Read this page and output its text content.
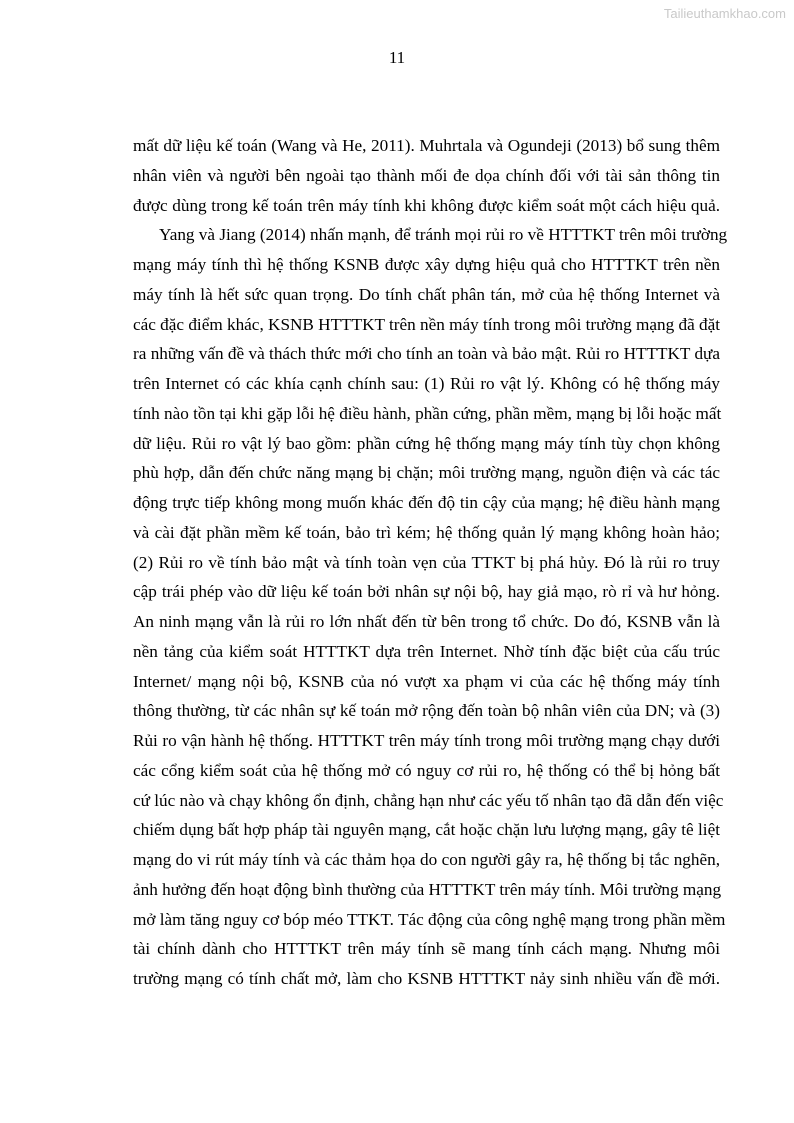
Tailieuthamkhao.com
11
mất dữ liệu kế toán (Wang và He, 2011). Muhrtala và Ogundeji (2013) bổ sung thêm
nhân viên và người bên ngoài tạo thành mối đe dọa chính đối với tài sản thông tin
được dùng trong kế toán trên máy tính khi không được kiểm soát một cách hiệu quả.
Yang và Jiang (2014) nhấn mạnh, để tránh mọi rủi ro về HTTTKT trên môi trường
mạng máy tính thì hệ thống KSNB được xây dựng hiệu quả cho HTTTKT trên nền
máy tính là hết sức quan trọng. Do tính chất phân tán, mở của hệ thống Internet và
các đặc điểm khác, KSNB HTTTKT trên nền máy tính trong môi trường mạng đã đặt
ra những vấn đề và thách thức mới cho tính an toàn và bảo mật. Rủi ro HTTTKT dựa
trên Internet có các khía cạnh chính sau: (1) Rủi ro vật lý. Không có hệ thống máy
tính nào tồn tại khi gặp lỗi hệ điều hành, phần cứng, phần mềm, mạng bị lỗi hoặc mất
dữ liệu. Rủi ro vật lý bao gồm: phần cứng hệ thống mạng máy tính tùy chọn không
phù hợp, dẫn đến chức năng mạng bị chặn; môi trường mạng, nguồn điện và các tác
động trực tiếp không mong muốn khác đến độ tin cậy của mạng; hệ điều hành mạng
và cài đặt phần mềm kế toán, bảo trì kém; hệ thống quản lý mạng không hoàn hảo;
(2) Rủi ro về tính bảo mật và tính toàn vẹn của TTKT bị phá hủy. Đó là rủi ro truy
cập trái phép vào dữ liệu kế toán bởi nhân sự nội bộ, hay giả mạo, rò rỉ và hư hỏng.
An ninh mạng vẫn là rủi ro lớn nhất đến từ bên trong tổ chức. Do đó, KSNB vẫn là
nền tảng của kiểm soát HTTTKT dựa trên Internet. Nhờ tính đặc biệt của cấu trúc
Internet/ mạng nội bộ, KSNB của nó vượt xa phạm vi của các hệ thống máy tính
thông thường, từ các nhân sự kế toán mở rộng đến toàn bộ nhân viên của DN; và (3)
Rủi ro vận hành hệ thống. HTTTKT trên máy tính trong môi trường mạng chạy dưới
các cổng kiểm soát của hệ thống mở có nguy cơ rủi ro, hệ thống có thể bị hỏng bất
cứ lúc nào và chạy không ổn định, chẳng hạn như các yếu tố nhân tạo đã dẫn đến việc
chiếm dụng bất hợp pháp tài nguyên mạng, cắt hoặc chặn lưu lượng mạng, gây tê liệt
mạng do vi rút máy tính và các thảm họa do con người gây ra, hệ thống bị tắc nghẽn,
ảnh hưởng đến hoạt động bình thường của HTTTKT trên máy tính. Môi trường mạng
mở làm tăng nguy cơ bóp méo TTKT. Tác động của công nghệ mạng trong phần mềm
tài chính dành cho HTTTKT trên máy tính sẽ mang tính cách mạng. Nhưng môi
trường mạng có tính chất mở, làm cho KSNB HTTTKT nảy sinh nhiều vấn đề mới.
